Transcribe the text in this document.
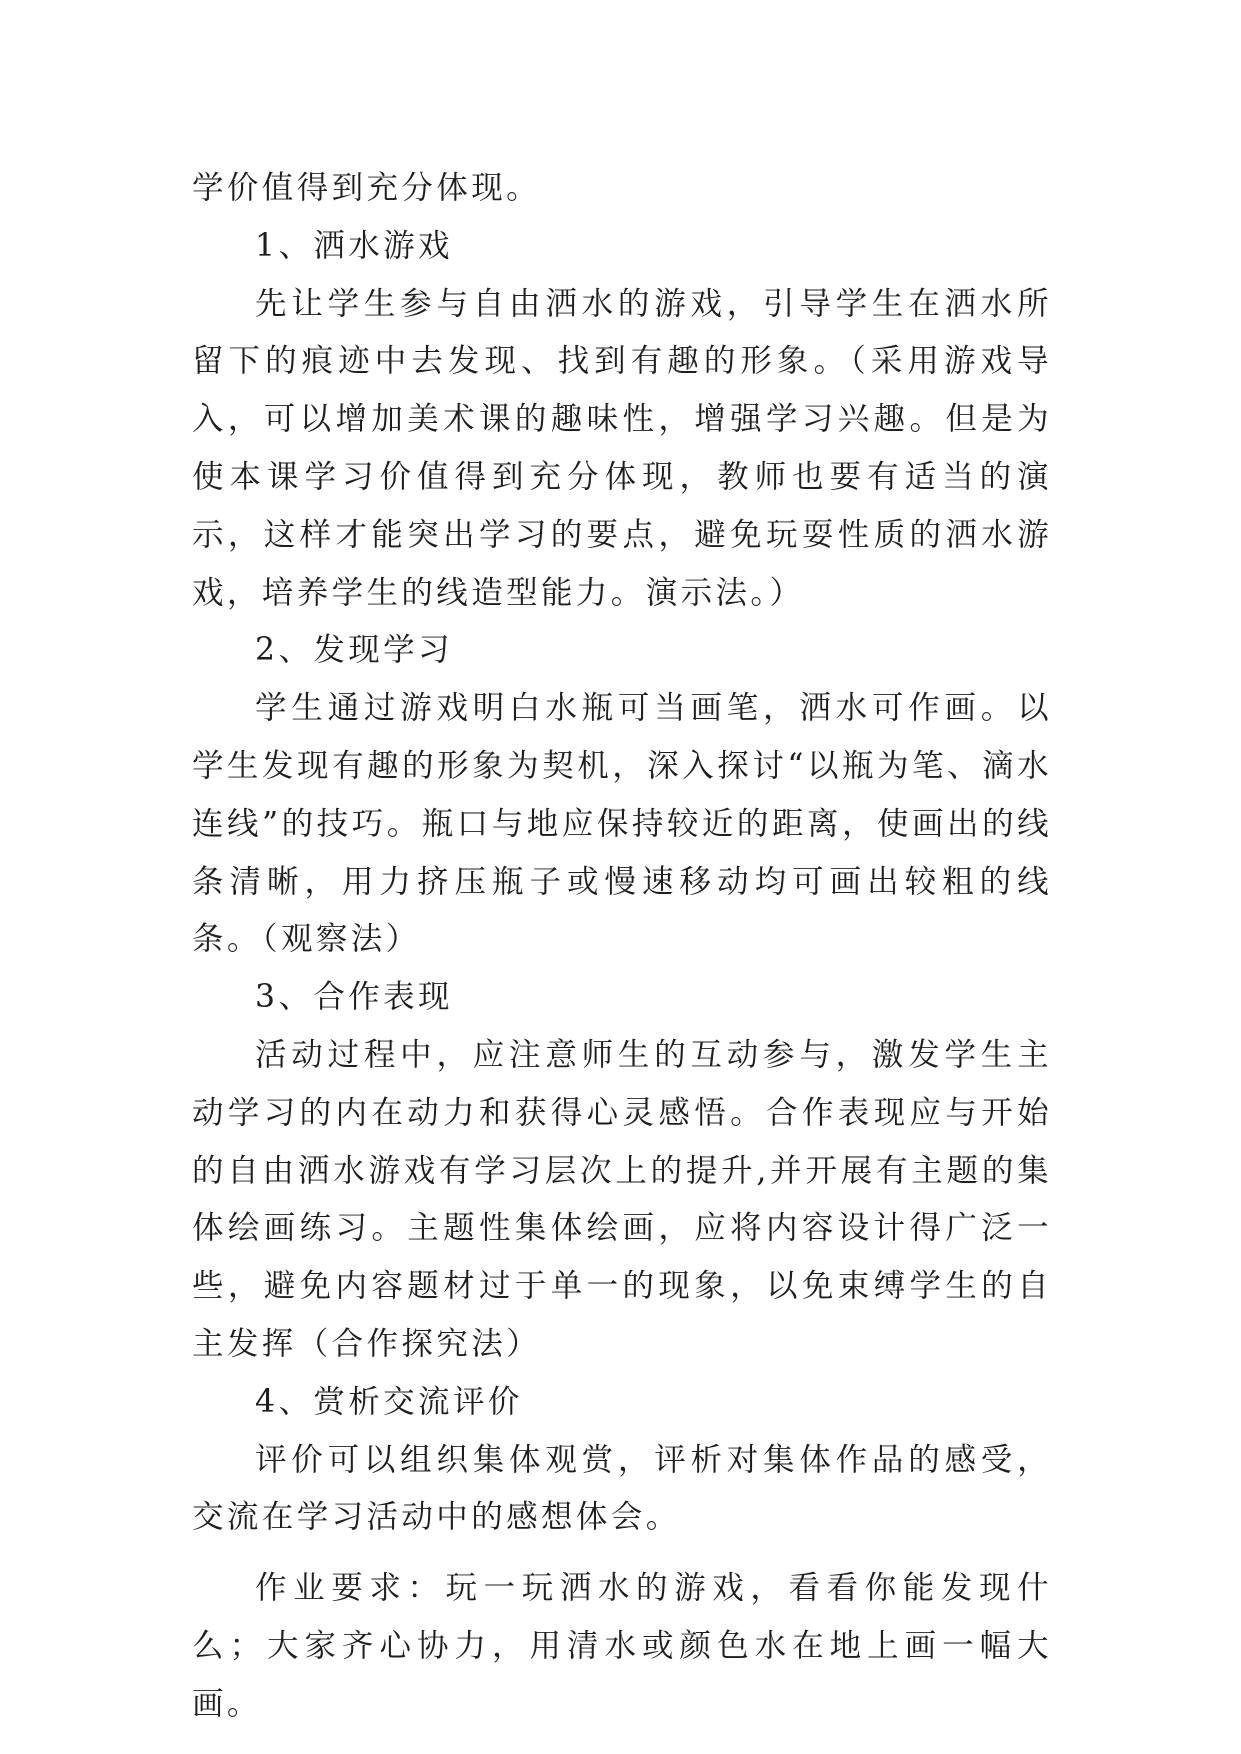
学价值得到充分体现。

1、洒水游戏

先让学生参与自由洒水的游戏，引导学生在洒水所留下的痕迹中去发现、找到有趣的形象。（采用游戏导入，可以增加美术课的趣味性，增强学习兴趣。但是为使本课学习价值得到充分体现，教师也要有适当的演示，这样才能突出学习的要点，避免玩耍性质的洒水游戏，培养学生的线造型能力。演示法。）

2、发现学习

学生通过游戏明白水瓶可当画笔，洒水可作画。以学生发现有趣的形象为契机，深入探讨“以瓶为笔、滴水连线”的技巧。瓶口与地应保持较近的距离，使画出的线条清晰，用力挤压瓶子或慢速移动均可画出较粗的线条。（观察法）

3、合作表现

活动过程中，应注意师生的互动参与，激发学生主动学习的内在动力和获得心灵感悟。合作表现应与开始的自由洒水游戏有学习层次上的提升,并开展有主题的集体绘画练习。主题性集体绘画，应将内容设计得广泛一些，避免内容题材过于单一的现象，以免束缚学生的自主发挥（合作探究法）

4、赏析交流评价

评价可以组织集体观赏，评析对集体作品的感受，交流在学习活动中的感想体会。

作业要求：玩一玩洒水的游戏，看看你能发现什么；大家齐心协力，用清水或颜色水在地上画一幅大画。
